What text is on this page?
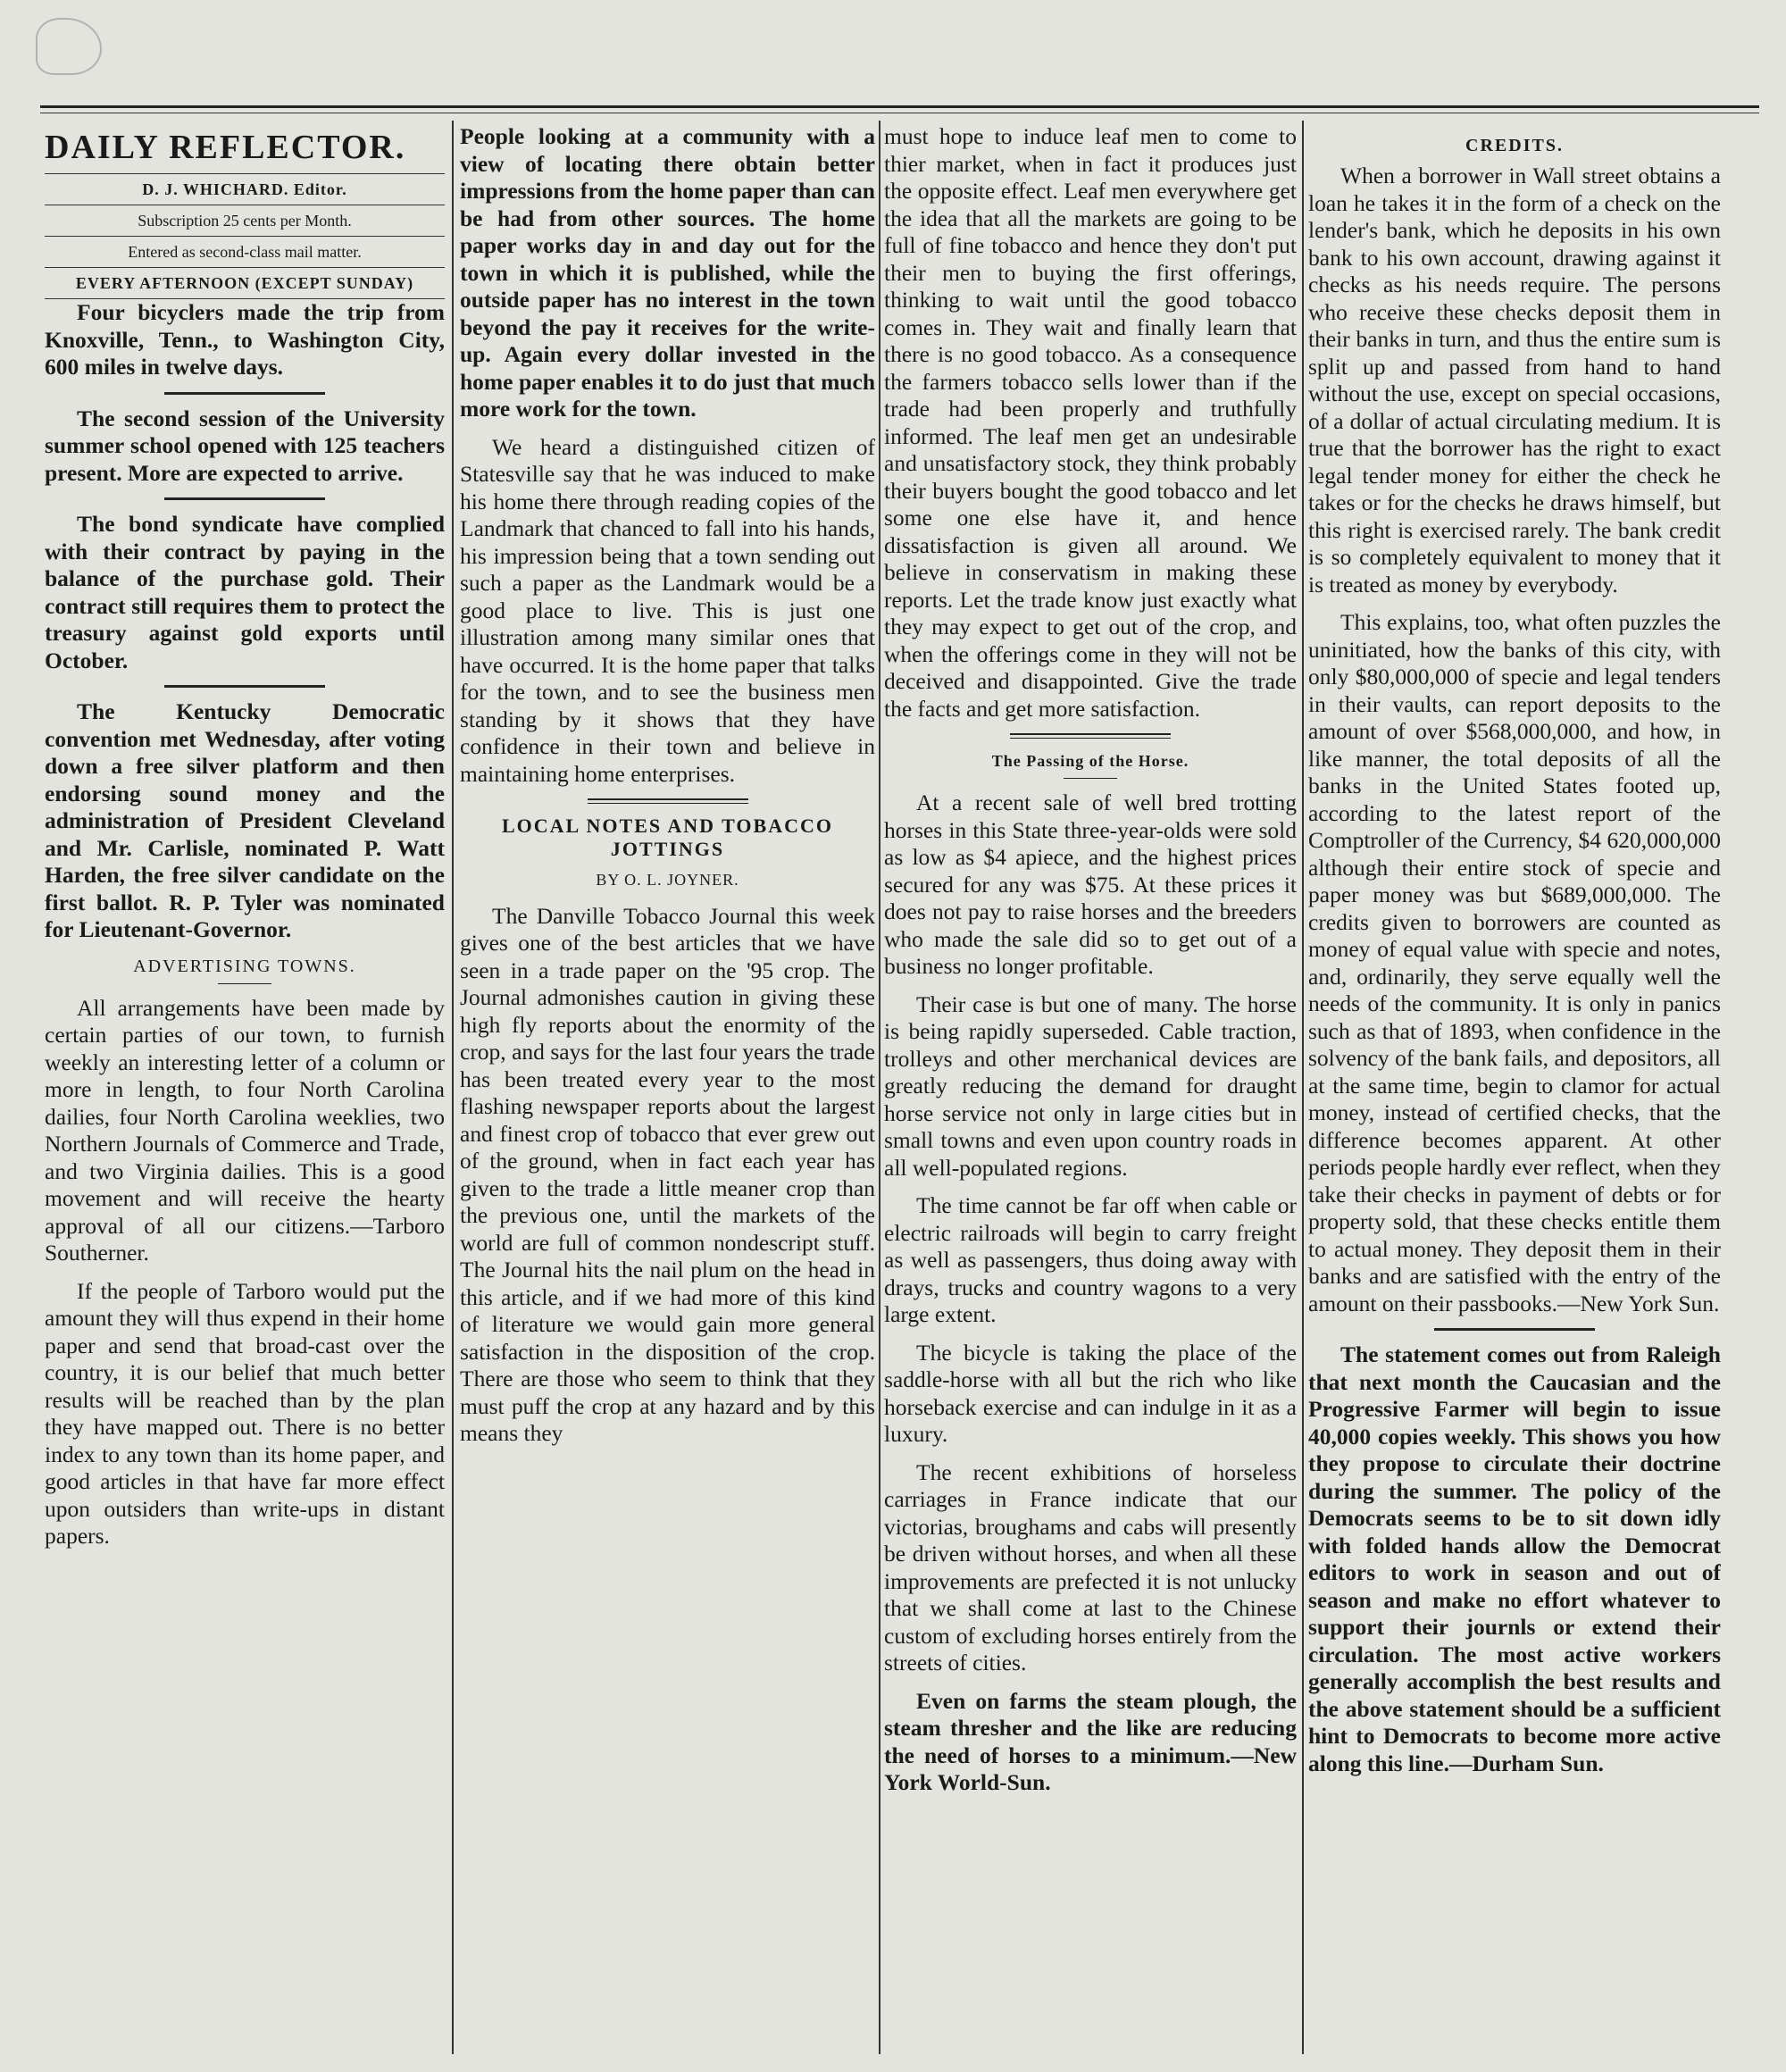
DAILY REFLECTOR.

D. J. WHICHARD. Editor.

Subscription 25 cents per Month.

Entered as second-class mail matter.

EVERY AFTERNOON (EXCEPT SUNDAY)

Four bicyclers made the trip from Knoxville, Tenn., to Washington City, 600 miles in twelve days.

The second session of the University summer school opened with 125 teachers present. More are expected to arrive.

The bond syndicate have complied with their contract by paying in the balance of the purchase gold. Their contract still requires them to protect the treasury against gold exports until October.

The Kentucky Democratic convention met Wednesday, after voting down a free silver platform and then endorsing sound money and the administration of President Cleveland and Mr. Carlisle, nominated P. Watt Harden, the free silver candidate on the first ballot. R. P. Tyler was nominated for Lieutenant-Governor.

ADVERTISING TOWNS.

All arrangements have been made by certain parties of our town, to furnish weekly an interesting letter of a column or more in length, to four North Carolina dailies, four North Carolina weeklies, two Northern Journals of Commerce and Trade, and two Virginia dailies. This is a good movement and will receive the hearty approval of all our citizens.—Tarboro Southerner.

If the people of Tarboro would put the amount they will thus expend in their home paper and send that broad-cast over the country, it is our belief that much better results will be reached than by the plan they have mapped out. There is no better index to any town than its home paper, and good articles in that have far more effect upon outsiders than write-ups in distant papers.

People looking at a community with a view of locating there obtain better impressions from the home paper than can be had from other sources. The home paper works day in and day out for the town in which it is published, while the outside paper has no interest in the town beyond the pay it receives for the write-up. Again every dollar invested in the home paper enables it to do just that much more work for the town.

We heard a distinguished citizen of Statesville say that he was induced to make his home there through reading copies of the Landmark that chanced to fall into his hands, his impression being that a town sending out such a paper as the Landmark would be a good place to live. This is just one illustration among many similar ones that have occurred. It is the home paper that talks for the town, and to see the business men standing by it shows that they have confidence in their town and believe in maintaining home enterprises.

LOCAL NOTES AND TOBACCO JOTTINGS
BY O. L. JOYNER.

The Danville Tobacco Journal this week gives one of the best articles that we have seen in a trade paper on the '95 crop. The Journal admonishes caution in giving these high fly reports about the enormity of the crop, and says for the last four years the trade has been treated every year to the most flashing newspaper reports about the largest and finest crop of tobacco that ever grew out of the ground, when in fact each year has given to the trade a little meaner crop than the previous one, until the markets of the world are full of common nondescript stuff. The Journal hits the nail plum on the head in this article, and if we had more of this kind of literature we would gain more general satisfaction in the disposition of the crop. There are those who seem to think that they must puff the crop at any hazard and by this means they

must hope to induce leaf men to come to thier market, when in fact it produces just the opposite effect. Leaf men everywhere get the idea that all the markets are going to be full of fine tobacco and hence they don't put their men to buying the first offerings, thinking to wait until the good tobacco comes in. They wait and finally learn that there is no good tobacco. As a consequence the farmers tobacco sells lower than if the trade had been properly and truthfully informed. The leaf men get an undesirable and unsatisfactory stock, they think probably their buyers bought the good tobacco and let some one else have it, and hence dissatisfaction is given all around. We believe in conservatism in making these reports. Let the trade know just exactly what they may expect to get out of the crop, and when the offerings come in they will not be deceived and disappointed. Give the trade the facts and get more satisfaction.

The Passing of the Horse.

At a recent sale of well bred trotting horses in this State three-year-olds were sold as low as $4 apiece, and the highest prices secured for any was $75. At these prices it does not pay to raise horses and the breeders who made the sale did so to get out of a business no longer profitable.

Their case is but one of many. The horse is being rapidly superseded. Cable traction, trolleys and other merchanical devices are greatly reducing the demand for draught horse service not only in large cities but in small towns and even upon country roads in all well-populated regions.

The time cannot be far off when cable or electric railroads will begin to carry freight as well as passengers, thus doing away with drays, trucks and country wagons to a very large extent.

The bicycle is taking the place of the saddle-horse with all but the rich who like horseback exercise and can indulge in it as a luxury.

The recent exhibitions of horseless carriages in France indicate that our victorias, broughams and cabs will presently be driven without horses, and when all these improvements are prefected it is not unlucky that we shall come at last to the Chinese custom of excluding horses entirely from the streets of cities.

Even on farms the steam plough, the steam thresher and the like are reducing the need of horses to a minimum.—New York World-Sun.

CREDITS.

When a borrower in Wall street obtains a loan he takes it in the form of a check on the lender's bank, which he deposits in his own bank to his own account, drawing against it checks as his needs require. The persons who receive these checks deposit them in their banks in turn, and thus the entire sum is split up and passed from hand to hand without the use, except on special occasions, of a dollar of actual circulating medium. It is true that the borrower has the right to exact legal tender money for either the check he takes or for the checks he draws himself, but this right is exercised rarely. The bank credit is so completely equivalent to money that it is treated as money by everybody.

This explains, too, what often puzzles the uninitiated, how the banks of this city, with only $80,000,000 of specie and legal tenders in their vaults, can report deposits to the amount of over $568,000,000, and how, in like manner, the total deposits of all the banks in the United States footed up, according to the latest report of the Comptroller of the Currency, $4 620,000,000 although their entire stock of specie and paper money was but $689,000,000. The credits given to borrowers are counted as money of equal value with specie and notes, and, ordinarily, they serve equally well the needs of the community. It is only in panics such as that of 1893, when confidence in the solvency of the bank fails, and depositors, all at the same time, begin to clamor for actual money, instead of certified checks, that the difference becomes apparent. At other periods people hardly ever reflect, when they take their checks in payment of debts or for property sold, that these checks entitle them to actual money. They deposit them in their banks and are satisfied with the entry of the amount on their passbooks.—New York Sun.

The statement comes out from Raleigh that next month the Caucasian and the Progressive Farmer will begin to issue 40,000 copies weekly. This shows you how they propose to circulate their doctrine during the summer. The policy of the Democrats seems to be to sit down idly with folded hands allow the Democrat editors to work in season and out of season and make no effort whatever to support their journls or extend their circulation. The most active workers generally accomplish the best results and the above statement should be a sufficient hint to Democrats to become more active along this line.—Durham Sun.
